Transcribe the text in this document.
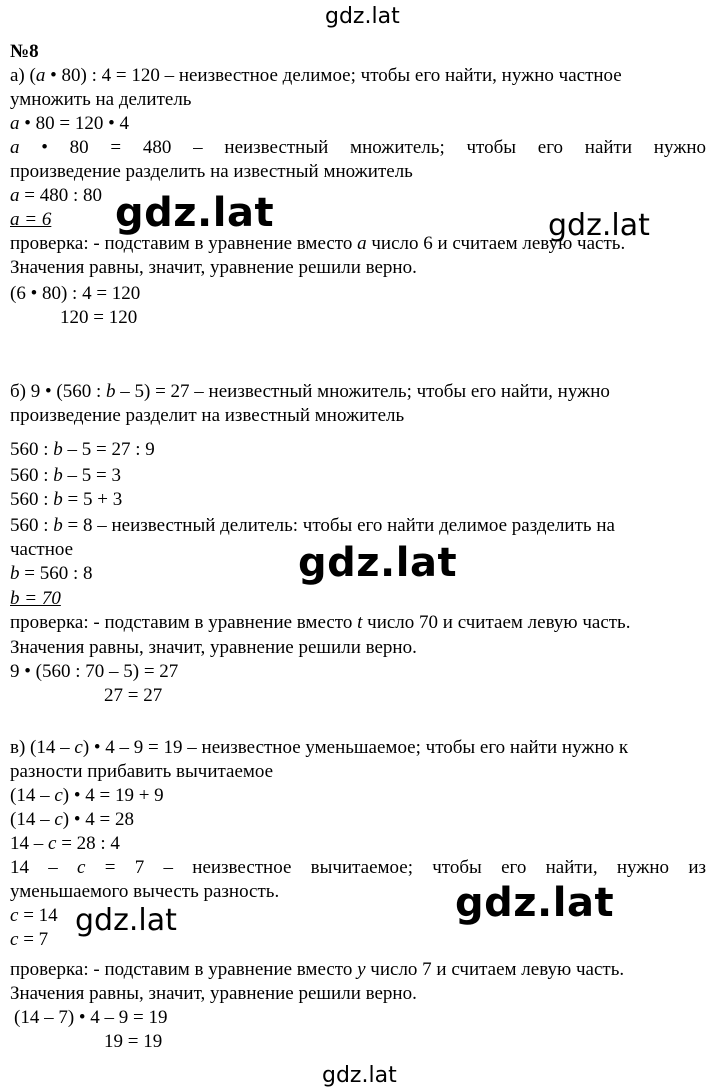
gdz.lat
gdz.lat	gdz.lat
gdz.lat
gdz.lat
gdz.lat
gdz.lat
№8
а) (a • 80) : 4 = 120 – неизвестное делимое; чтобы его найти, нужно частное
умножить на делитель
a • 80 = 120 • 4
a • 80 = 480 – неизвестный множитель; чтобы его найти нужно
произведение разделить на известный множитель
a = 480 : 80
a = 6
проверка: - подставим в уравнение вместо a число 6 и считаем левую часть.
Значения равны, значит, уравнение решили верно.
(6 • 80) : 4 = 120
120 = 120
б) 9 • (560 : b – 5) = 27 – неизвестный множитель; чтобы его найти, нужно
произведение разделит на известный множитель
560 : b – 5 = 27 : 9
560 : b – 5 = 3
560 : b = 5 + 3
560 : b = 8 – неизвестный делитель: чтобы его найти делимое разделить на
частное
b = 560 : 8
b = 70
проверка: - подставим в уравнение вместо t число 70 и считаем левую часть.
Значения равны, значит, уравнение решили верно.
9 • (560 : 70 – 5) = 27
27 = 27
в) (14 – c) • 4 – 9 = 19 – неизвестное уменьшаемое; чтобы его найти нужно к
разности прибавить вычитаемое
(14 – c) • 4 = 19 + 9
(14 – c) • 4 = 28
14 – c = 28 : 4
14 – c = 7 – неизвестное вычитаемое; чтобы его найти, нужно из
уменьшаемого вычесть разность.
c = 14
c = 7
проверка: - подставим в уравнение вместо y число 7 и считаем левую часть.
Значения равны, значит, уравнение решили верно.
(14 – 7) • 4 – 9 = 19
19 = 19
